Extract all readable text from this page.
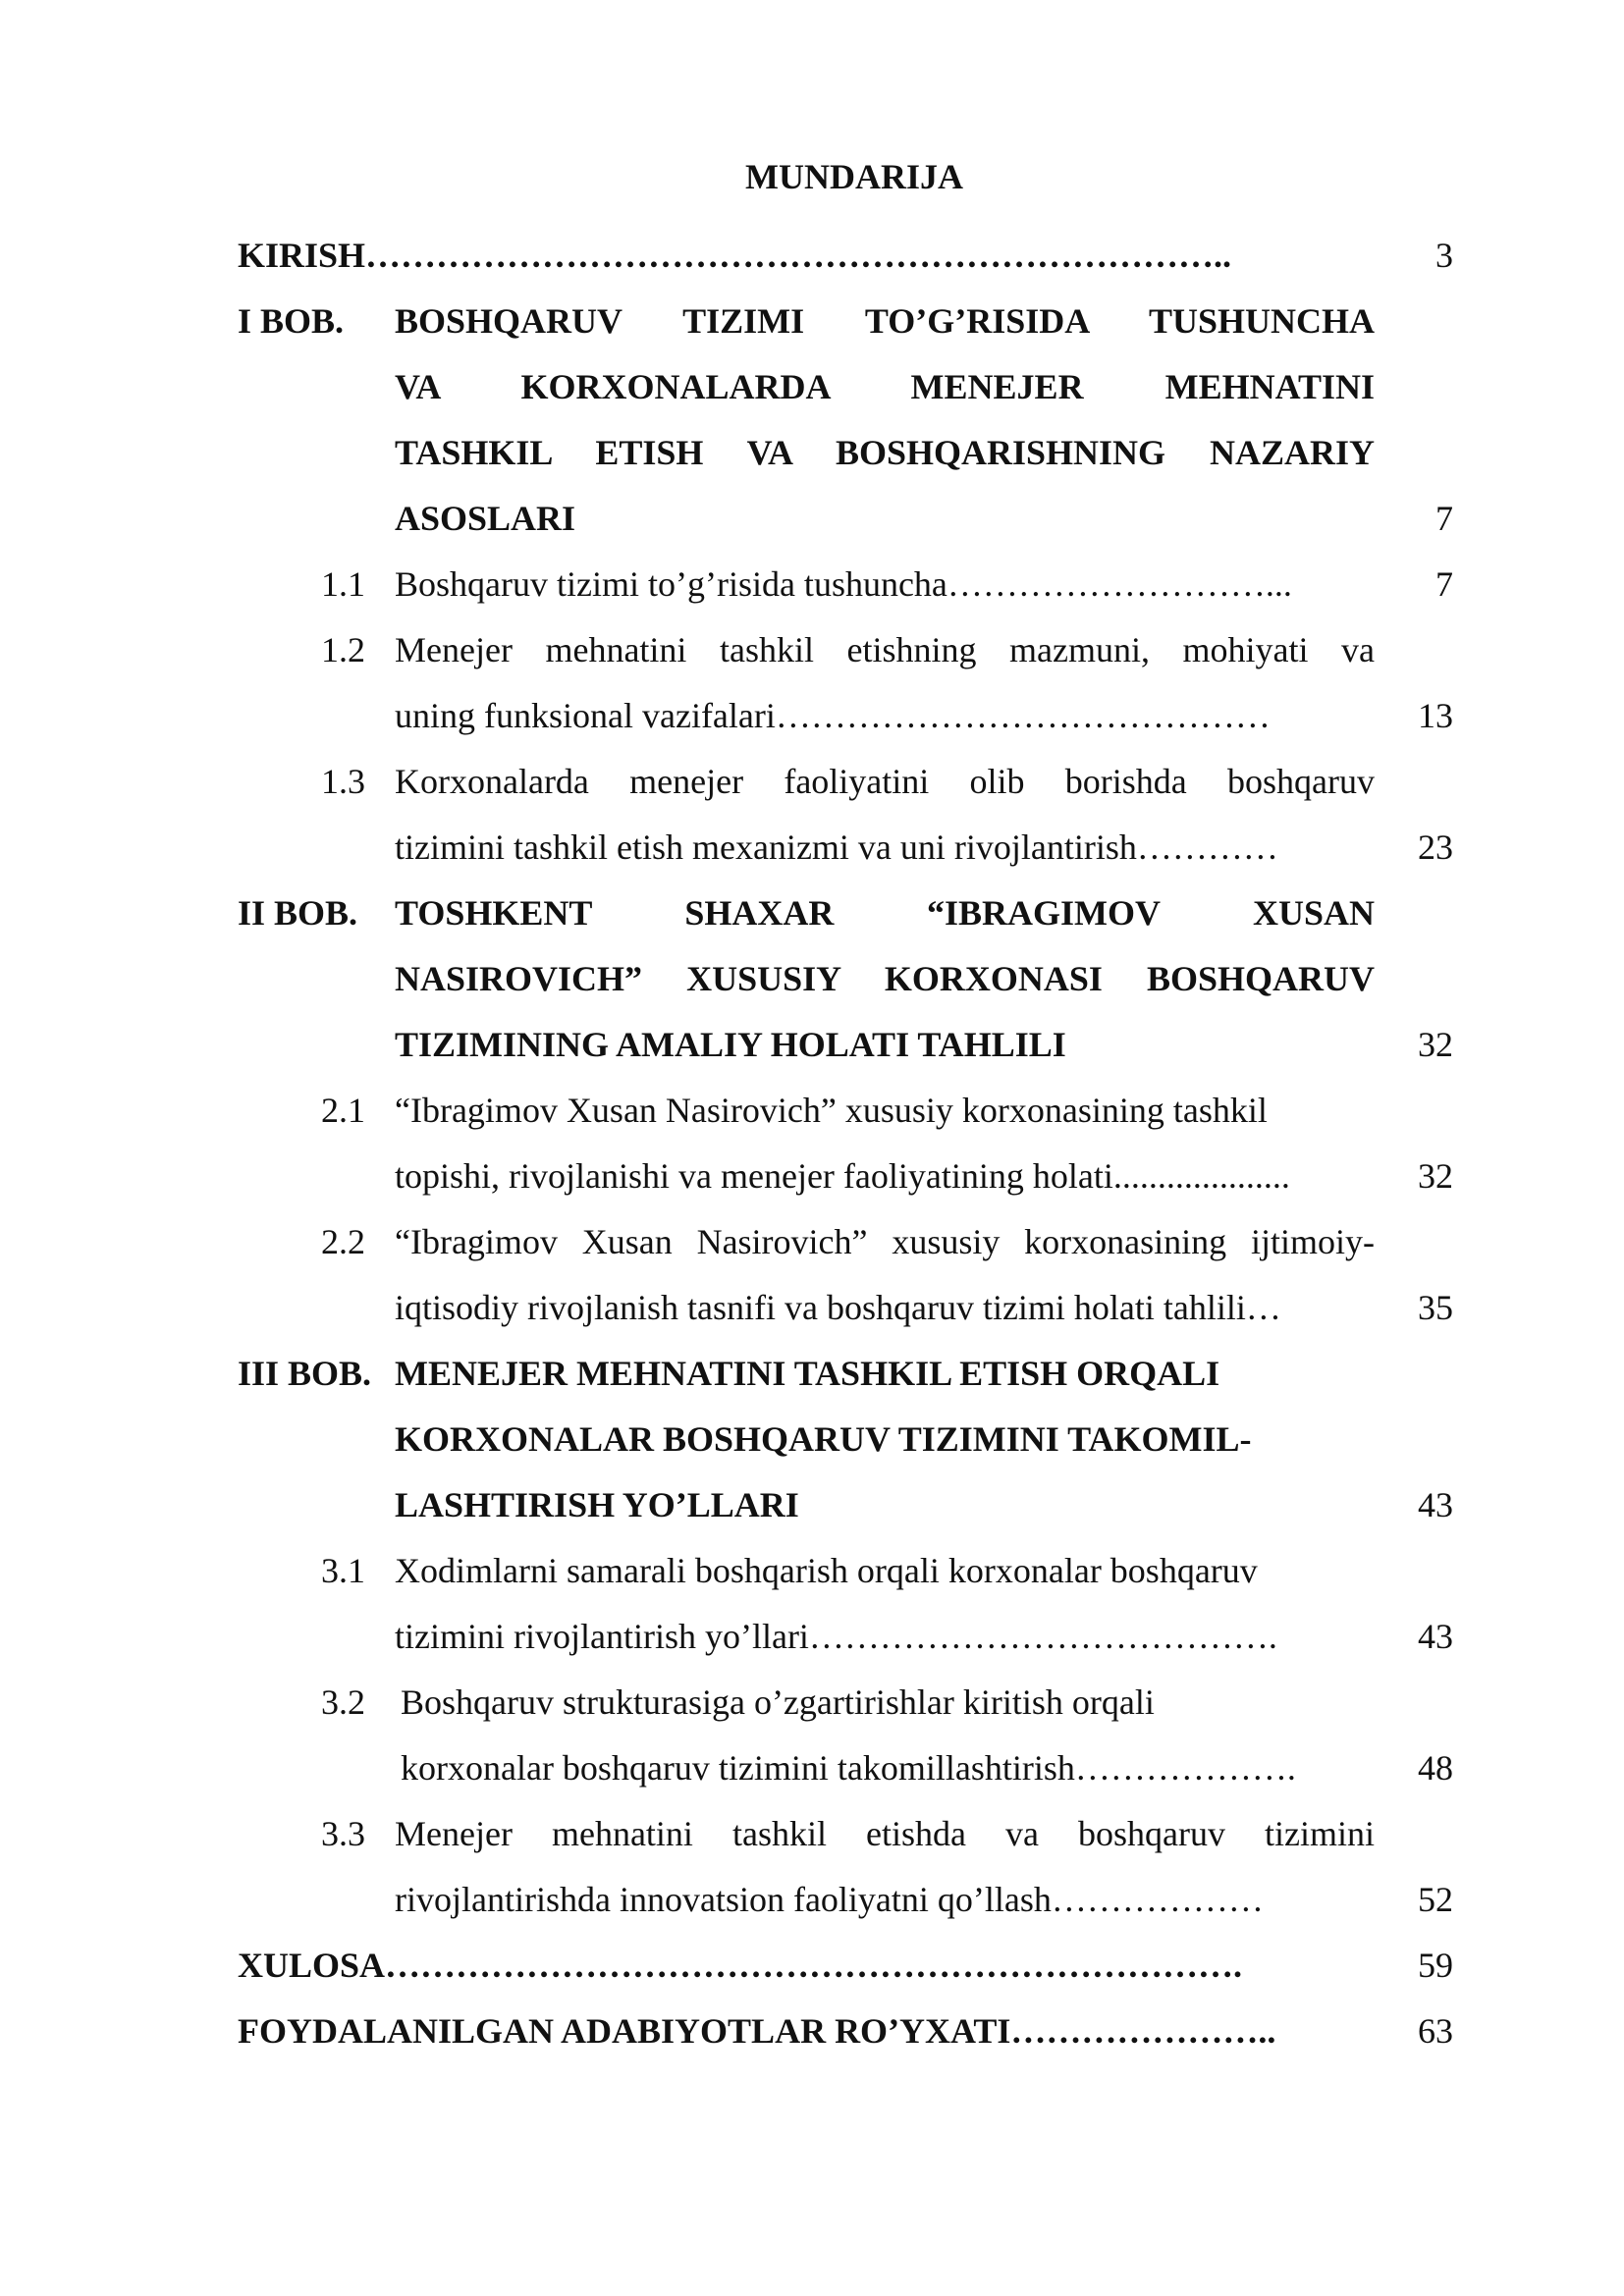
MUNDARIJA
KIRISH………………………………………………………………..	3
I BOB. BOSHQARUV TIZIMI TO’G’RISIDA TUSHUNCHA
VA KORXONALARDA MENEJER MEHNATINI
TASHKIL ETISH VA BOSHQARISHNING NAZARIY
ASOSLARI	7
1.1 Boshqaruv tizimi to’g’risida tushuncha………………………...	7
1.2 Menejer mehnatini tashkil etishning mazmuni, mohiyati va
uning funksional vazifalari……………………………………	13
1.3 Korxonalarda menejer faoliyatini olib borishda boshqaruv
tizimini tashkil etish mexanizmi va uni rivojlantirish…………	23
II BOB. TOSHKENT SHAXAR “IBRAGIMOV XUSAN
NASIROVICH” XUSUSIY KORXONASI BOSHQARUV
TIZIMINING AMALIY HOLATI TAHLILI	32
2.1 “Ibragimov Xusan Nasirovich” xususiy korxonasining tashkil
topishi, rivojlanishi va menejer faoliyatining holati....................	32
2.2 “Ibragimov Xusan Nasirovich” xususiy korxonasining ijtimoiy-
iqtisodiy rivojlanish tasnifi va boshqaruv tizimi holati tahlili…	35
III BOB. MENEJER MEHNATINI TASHKIL ETISH ORQALI
KORXONALAR BOSHQARUV TIZIMINI TAKOMIL-
LASHTIRISH YO’LLARI	43
3.1 Xodimlarni samarali boshqarish orqali korxonalar boshqaruv
tizimini rivojlantirish yo’llari………………………………….	43
3.2 Boshqaruv strukturasiga o’zgartirishlar kiritish orqali
korxonalar boshqaruv tizimini takomillashtirish……………….	48
3.3 Menejer mehnatini tashkil etishda va boshqaruv tizimini
rivojlantirishda innovatsion faoliyatni qo’llash………………	52
XULOSA……………………………………………………………….	59
FOYDALANILGAN ADABIYOTLAR RO’YXATI…………………..	63
